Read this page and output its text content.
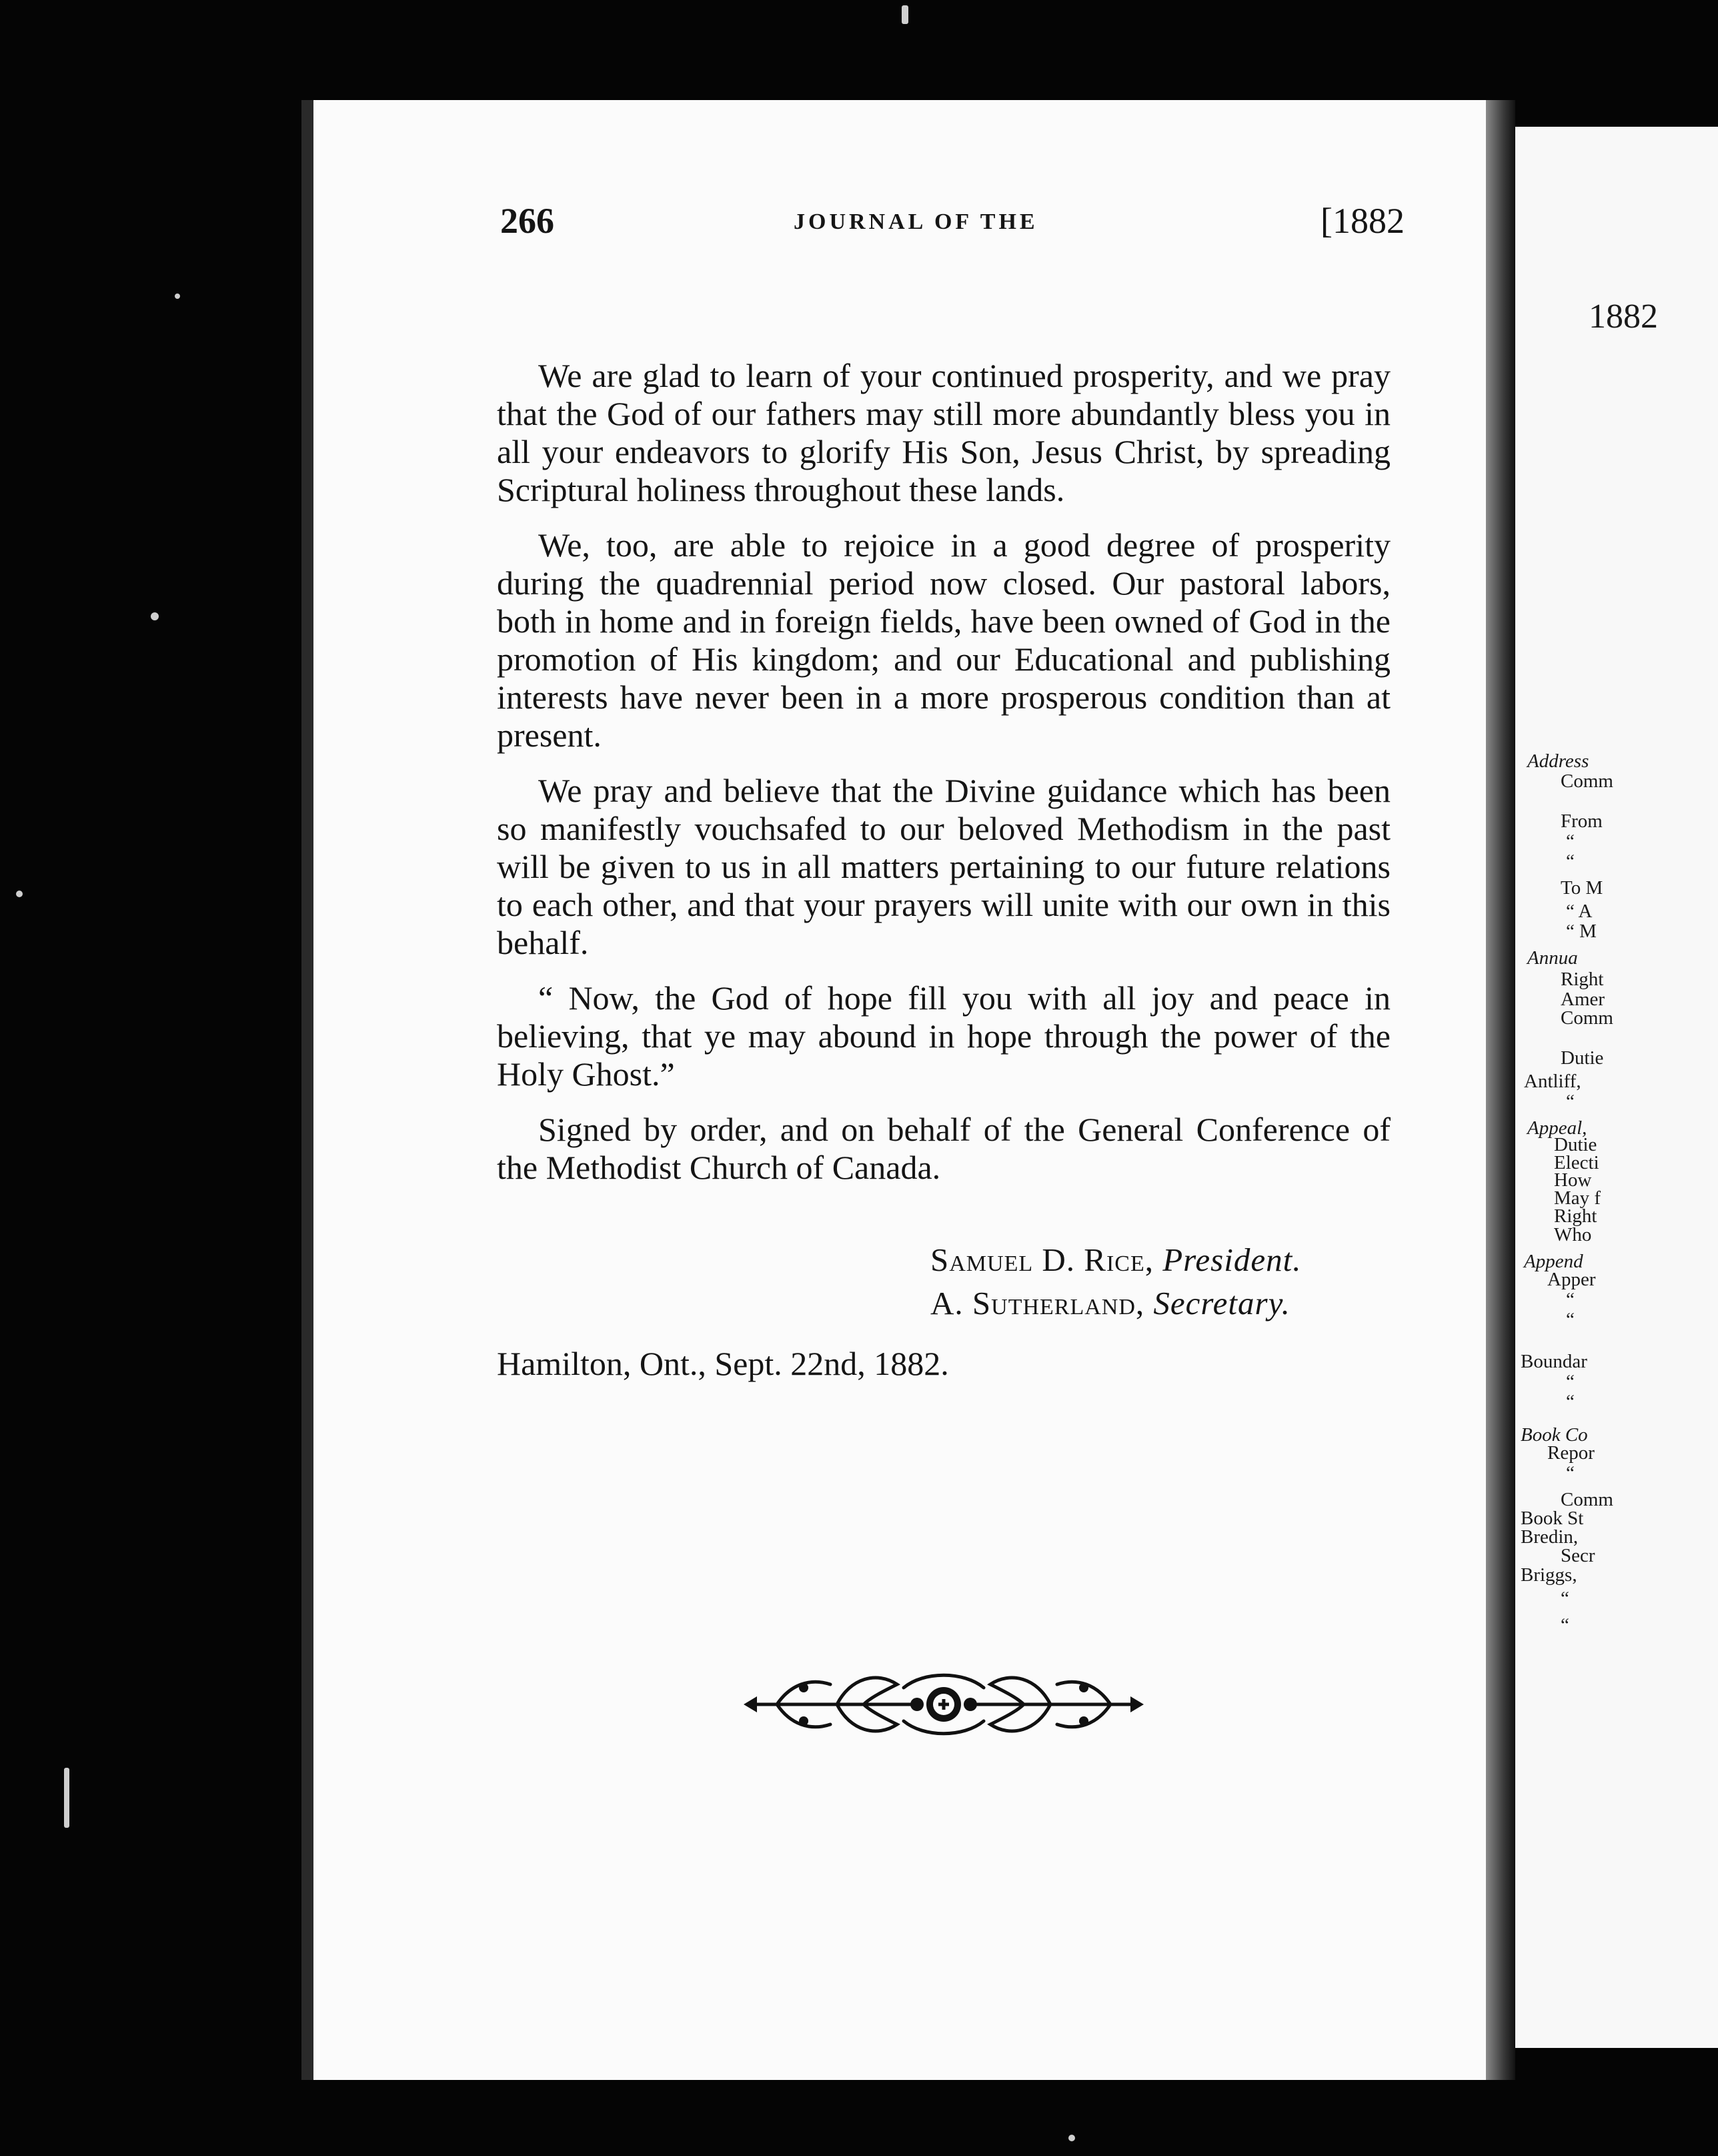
266	JOURNAL OF THE	[1882

We are glad to learn of your continued prosperity, and we pray that the God of our fathers may still more abundantly bless you in all your endeavors to glorify His Son, Jesus Christ, by spreading Scriptural holiness throughout these lands.

We, too, are able to rejoice in a good degree of prosperity during the quadrennial period now closed. Our pastoral labors, both in home and in foreign fields, have been owned of God in the promotion of His kingdom; and our Educational and publishing interests have never been in a more prosperous condition than at present.

We pray and believe that the Divine guidance which has been so manifestly vouchsafed to our beloved Methodism in the past will be given to us in all matters pertaining to our future relations to each other, and that your prayers will unite with our own in this behalf.

“ Now, the God of hope fill you with all joy and peace in believing, that ye may abound in hope through the power of the Holy Ghost.”

Signed by order, and on behalf of the General Conference of the Methodist Church of Canada.

Samuel D. Rice, President.
A. Sutherland, Secretary.
Hamilton, Ont., Sept. 22nd, 1882.
1882
Address
Comm
From
“
“
To M
“ A
“ M
Annua
Right
Amer
Comm
Dutie
Antliff,
“
Appeal,
Dutie
Electi
How
May f
Right
Who
Append
Apper
“
“
Boundar
“
“
Book Co
Repor
“
Comm
Book St
Bredin,
Secr
Briggs,
“
“
